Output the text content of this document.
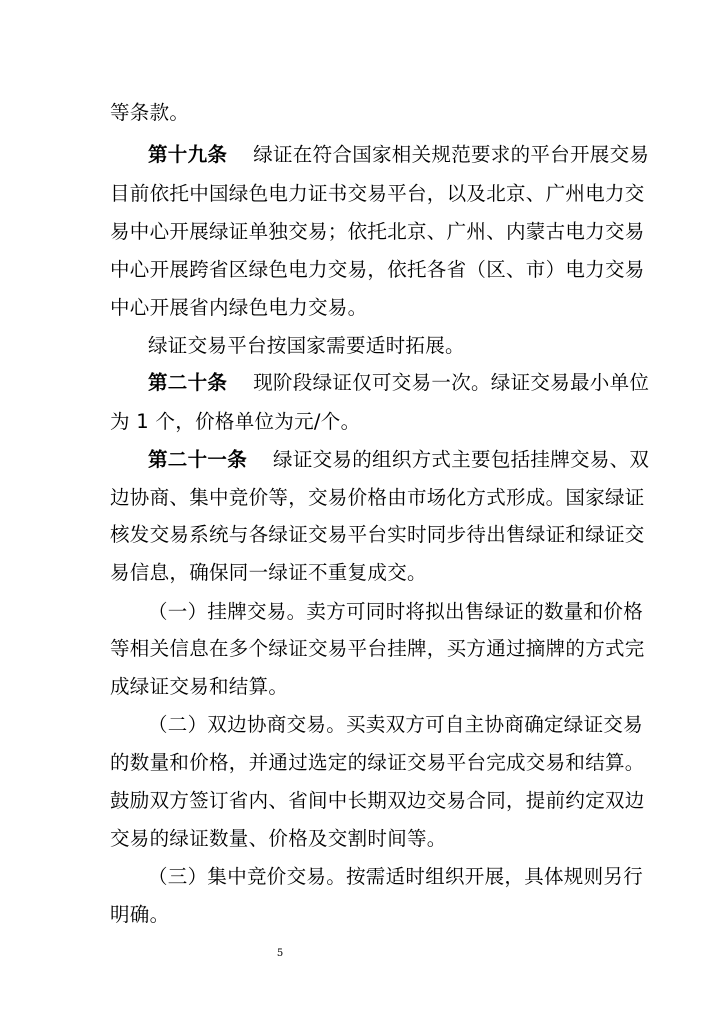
等条款。
第十九条 绿证在符合国家相关规范要求的平台开展交易
目前依托中国绿色电力证书交易平台，以及北京、广州电力交
易中心开展绿证单独交易；依托北京、广州、内蒙古电力交易
中心开展跨省区绿色电力交易，依托各省（区、市）电力交易
中心开展省内绿色电力交易。
绿证交易平台按国家需要适时拓展。
第二十条 现阶段绿证仅可交易一次。绿证交易最小单位
为 1 个，价格单位为元/个。
第二十一条 绿证交易的组织方式主要包括挂牌交易、双
边协商、集中竞价等，交易价格由市场化方式形成。国家绿证
核发交易系统与各绿证交易平台实时同步待出售绿证和绿证交
易信息，确保同一绿证不重复成交。
（一）挂牌交易。卖方可同时将拟出售绿证的数量和价格
等相关信息在多个绿证交易平台挂牌，买方通过摘牌的方式完
成绿证交易和结算。
（二）双边协商交易。买卖双方可自主协商确定绿证交易
的数量和价格，并通过选定的绿证交易平台完成交易和结算。
鼓励双方签订省内、省间中长期双边交易合同，提前约定双边
交易的绿证数量、价格及交割时间等。
（三）集中竞价交易。按需适时组织开展，具体规则另行
明确。
5
